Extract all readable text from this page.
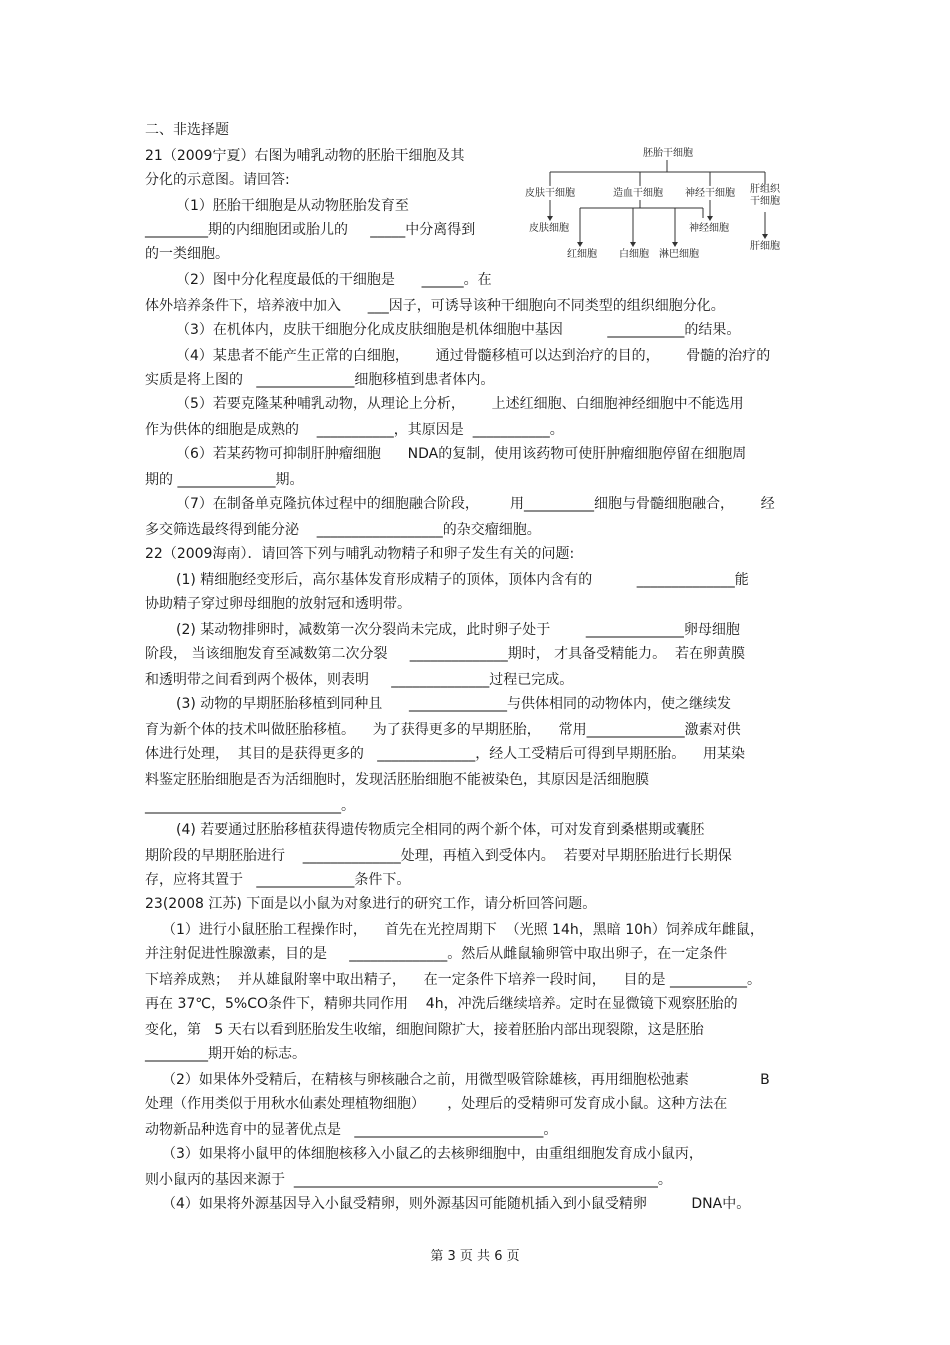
二、非选择题
21（2009宁夏）右图为哺乳动物的胚胎干细胞及其
分化的示意图。请回答:
（1）胚胎干细胞是从动物胚胎发育至
_________期的内细胞团或胎儿的     _____中分离得到
的一类细胞。
（2）图中分化程度最低的干细胞是      ______。在
体外培养条件下，培养液中加入      ___因子，可诱导该种干细胞向不同类型的组织细胞分化。
（3）在机体内，皮肤干细胞分化成皮肤细胞是机体细胞中基因          ___________的结果。
（4）某患者不能产生正常的白细胞，      通过骨髓移植可以达到治疗的目的，      骨髓的治疗的
实质是将上图的   ______________细胞移植到患者体内。
（5）若要克隆某种哺乳动物，从理论上分析，      上述红细胞、白细胞神经细胞中不能选用
作为供体的细胞是成熟的    ___________，其原因是  ___________。
（6）若某药物可抑制肝肿瘤细胞      NDA的复制，使用该药物可使肝肿瘤细胞停留在细胞周
期的 ______________期。
（7）在制备单克隆抗体过程中的细胞融合阶段，       用__________细胞与骨髓细胞融合，      经
多交筛选最终得到能分泌    __________________的杂交瘤细胞。
22（2009海南）．请回答下列与哺乳动物精子和卵子发生有关的问题:
(1) 精细胞经变形后，高尔基体发育形成精子的顶体，顶体内含有的          ______________能
协助精子穿过卵母细胞的放射冠和透明带。
(2) 某动物排卵时，减数第一次分裂尚未完成，此时卵子处于        ______________卵母细胞
阶段， 当该细胞发育至减数第二次分裂     ______________期时， 才具备受精能力。  若在卵黄膜
和透明带之间看到两个极体，则表明     ______________过程已完成。
(3) 动物的早期胚胎移植到同种且      ______________与供体相同的动物体内，使之继续发
育为新个体的技术叫做胚胎移植。    为了获得更多的早期胚胎，    常用______________激素对供
体进行处理，  其目的是获得更多的   ______________，经人工受精后可得到早期胚胎。    用某染
料鉴定胚胎细胞是否为活细胞时，发现活胚胎细胞不能被染色，其原因是活细胞膜
____________________________。
(4) 若要通过胚胎移植获得遗传物质完全相同的两个新个体，可对发育到桑椹期或囊胚
期阶段的早期胚胎进行    ______________处理，再植入到受体内。  若要对早期胚胎进行长期保
存，应将其置于   ______________条件下。
23(2008 江苏) 下面是以小鼠为对象进行的研究工作，请分析回答问题。
（1）进行小鼠胚胎工程操作时，    首先在光控周期下  （光照 14h，黑暗 10h）饲养成年雌鼠，
并注射促进性腺激素，目的是     ______________。然后从雌鼠输卵管中取出卵子，在一定条件
下培养成熟；  并从雄鼠附睾中取出精子，    在一定条件下培养一段时间，    目的是 ___________。
再在 37℃，5%CO条件下，精卵共同作用    4h，冲洗后继续培养。定时在显微镜下观察胚胎的
变化，第   5 天右以看到胚胎发生收缩，细胞间隙扩大，接着胚胎内部出现裂隙，这是胚胎
_________期开始的标志。
（2）如果体外受精后，在精核与卵核融合之前，用微型吸管除雄核，再用细胞松弛素                B
处理（作用类似于用秋水仙素处理植物细胞）     ，处理后的受精卵可发育成小鼠。这种方法在
动物新品种选育中的显著优点是   ___________________________。
（3）如果将小鼠甲的体细胞核移入小鼠乙的去核卵细胞中，由重组细胞发育成小鼠丙，
则小鼠丙的基因来源于  ____________________________________________________。
（4）如果将外源基因导入小鼠受精卵，则外源基因可能随机插入到小鼠受精卵          DNA中。
胚胎干细胞
皮肤干细胞	造血干细胞 神经干细胞 肝组织干细胞
皮肤细胞	神经细胞
肝细胞
红细胞 白细胞 淋巴细胞
第 3 页 共 6 页
